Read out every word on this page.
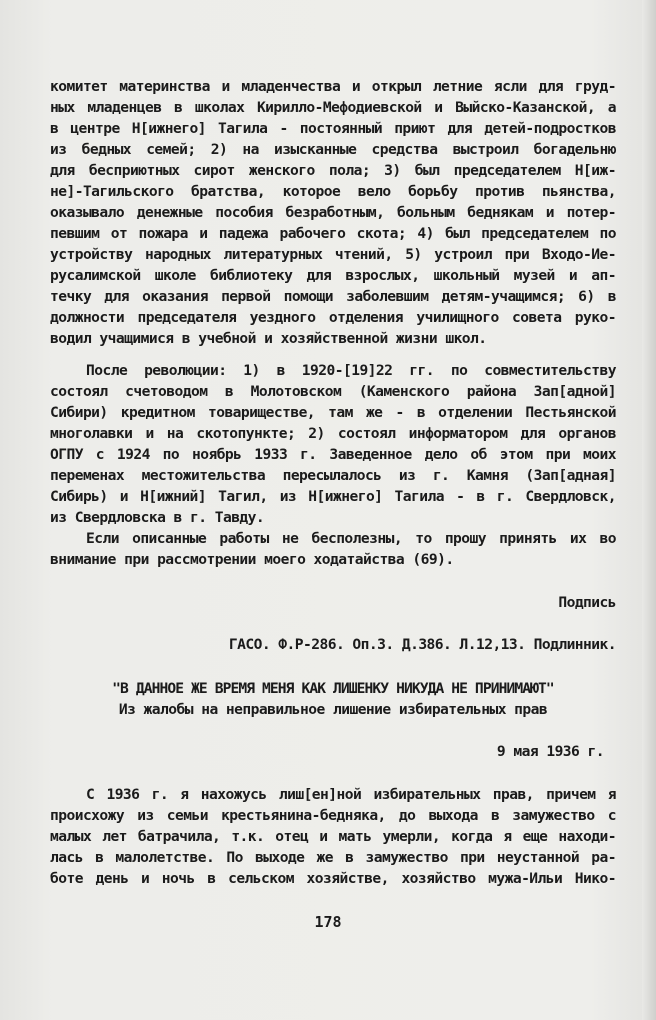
комитет материнства и младенчества и открыл летние ясли для груд-
ных младенцев в школах Кирилло-Мефодиевской и Выйско-Казанской, а
в центре Н[ижнего] Тагила - постоянный приют для детей-подростков
из бедных семей; 2) на изысканные средства выстроил богадельню
для бесприютных сирот женского пола; 3) был председателем Н[иж-
не]-Тагильского братства, которое вело борьбу против пьянства,
оказывало денежные пособия безработным, больным беднякам и потер-
певшим от пожара и падежа рабочего скота; 4) был председателем по
устройству народных литературных чтений, 5) устроил при Входо-Ие-
русалимской школе библиотеку для взрослых, школьный музей и ап-
течку для оказания первой помощи заболевшим детям-учащимся; 6) в
должности председателя уездного отделения училищного совета руко-
водил учащимися в учебной и хозяйственной жизни школ.
После революции: 1) в 1920-[19]22 гг. по совместительству
состоял счетоводом в Молотовском (Каменского района Зап[адной]
Сибири) кредитном товариществе, там же - в отделении Пестьянской
многолавки и на скотопункте; 2) состоял информатором для органов
ОГПУ с 1924 по ноябрь 1933 г. Заведенное дело об этом при моих
переменах местожительства пересылалось из г. Камня (Зап[адная]
Сибирь) и Н[ижний] Тагил, из Н[ижнего] Тагила - в г. Свердловск,
из Свердловска в г. Тавду.
Если описанные работы не бесполезны, то прошу принять их во
внимание при рассмотрении моего ходатайства (69).
Подпись
ГАСО. Ф.Р-286. Оп.3. Д.386. Л.12,13. Подлинник.
"В ДАННОЕ ЖЕ ВРЕМЯ МЕНЯ КАК ЛИШЕНКУ НИКУДА НЕ ПРИНИМАЮТ"
Из жалобы на неправильное лишение избирательных прав
9 мая 1936 г.
С 1936 г. я нахожусь лиш[ен]ной избирательных прав, причем я
происхожу из семьи крестьянина-бедняка, до выхода в замужество с
малых лет батрачила, т.к. отец и мать умерли, когда я еще находи-
лась в малолетстве. По выходе же в замужество при неустанной ра-
боте день и ночь в сельском хозяйстве, хозяйство мужа-Ильи Нико-
178
